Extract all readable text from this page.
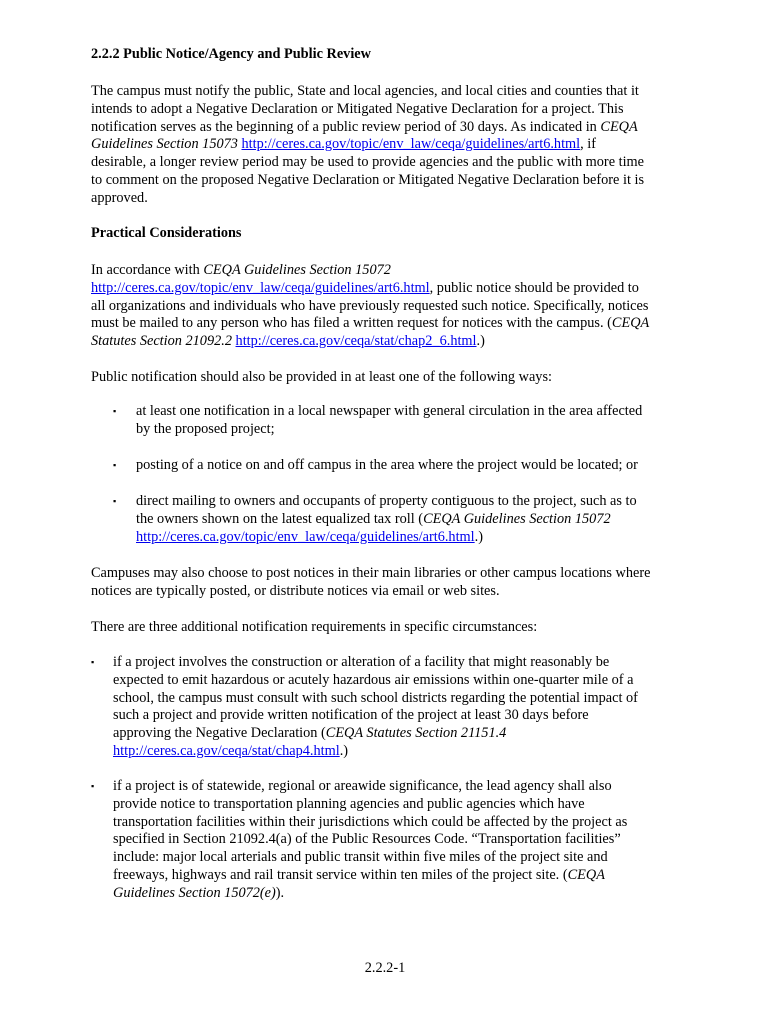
2.2.2 Public Notice/Agency and Public Review
The campus must notify the public, State and local agencies, and local cities and counties that it intends to adopt a Negative Declaration or Mitigated Negative Declaration for a project. This notification serves as the beginning of a public review period of 30 days. As indicated in CEQA Guidelines Section 15073 http://ceres.ca.gov/topic/env_law/ceqa/guidelines/art6.html, if desirable, a longer review period may be used to provide agencies and the public with more time to comment on the proposed Negative Declaration or Mitigated Negative Declaration before it is approved.
Practical Considerations
In accordance with CEQA Guidelines Section 15072 http://ceres.ca.gov/topic/env_law/ceqa/guidelines/art6.html, public notice should be provided to all organizations and individuals who have previously requested such notice. Specifically, notices must be mailed to any person who has filed a written request for notices with the campus. (CEQA Statutes Section 21092.2 http://ceres.ca.gov/ceqa/stat/chap2_6.html.)
Public notification should also be provided in at least one of the following ways:
▪ at least one notification in a local newspaper with general circulation in the area affected by the proposed project;
▪ posting of a notice on and off campus in the area where the project would be located; or
▪ direct mailing to owners and occupants of property contiguous to the project, such as to the owners shown on the latest equalized tax roll (CEQA Guidelines Section 15072 http://ceres.ca.gov/topic/env_law/ceqa/guidelines/art6.html.)
Campuses may also choose to post notices in their main libraries or other campus locations where notices are typically posted, or distribute notices via email or web sites.
There are three additional notification requirements in specific circumstances:
▪ if a project involves the construction or alteration of a facility that might reasonably be expected to emit hazardous or acutely hazardous air emissions within one-quarter mile of a school, the campus must consult with such school districts regarding the potential impact of such a project and provide written notification of the project at least 30 days before approving the Negative Declaration (CEQA Statutes Section 21151.4 http://ceres.ca.gov/ceqa/stat/chap4.html.)
▪ if a project is of statewide, regional or areawide significance, the lead agency shall also provide notice to transportation planning agencies and public agencies which have transportation facilities within their jurisdictions which could be affected by the project as specified in Section 21092.4(a) of the Public Resources Code. “Transportation facilities” include: major local arterials and public transit within five miles of the project site and freeways, highways and rail transit service within ten miles of the project site. (CEQA Guidelines Section 15072(e)).
2.2.2-1
